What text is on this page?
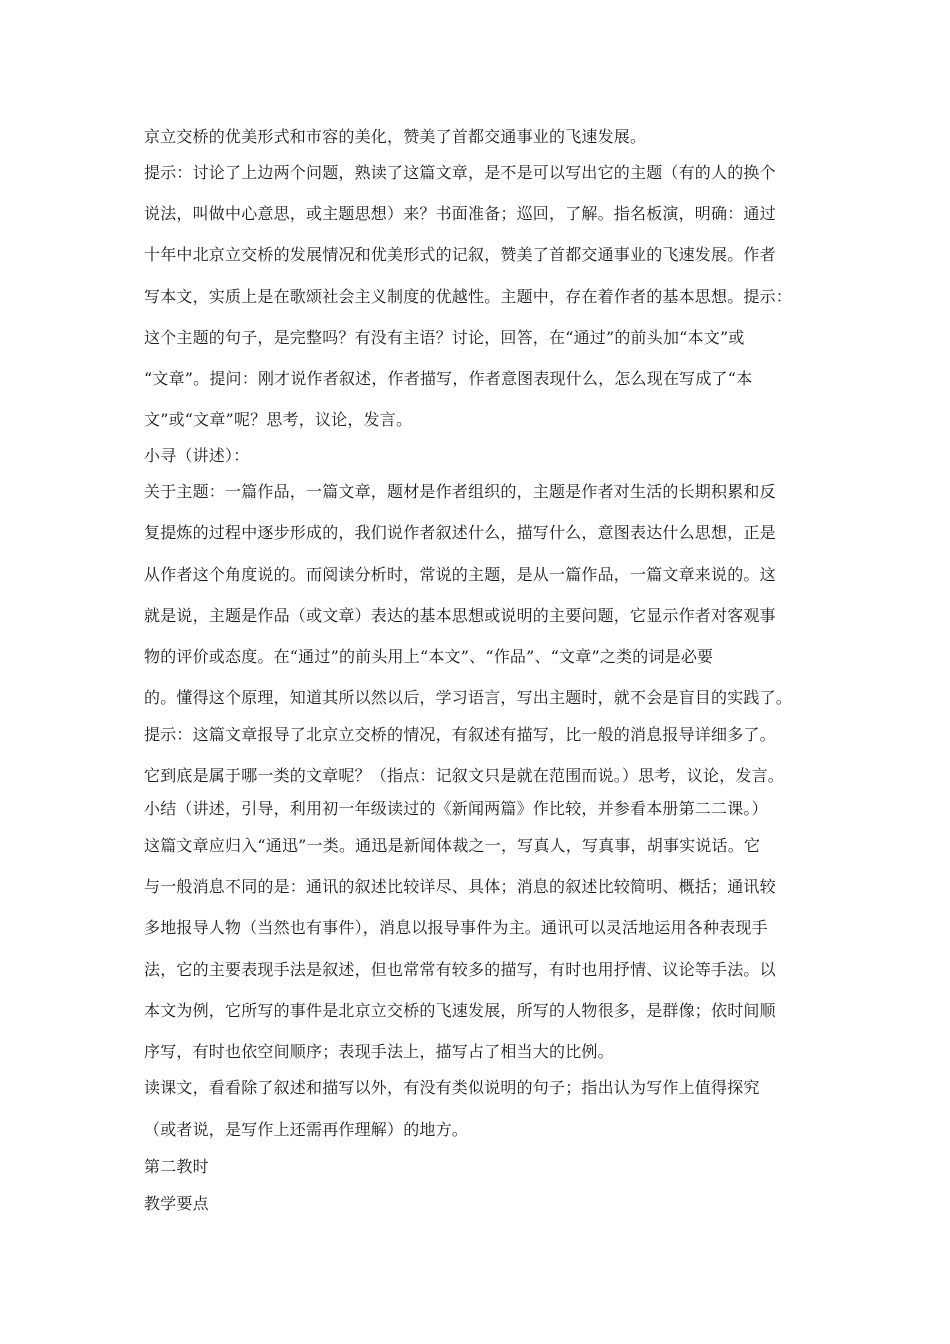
京立交桥的优美形式和市容的美化，赞美了首都交通事业的飞速发展。
提示：讨论了上边两个问题，熟读了这篇文章，是不是可以写出它的主题（有的人的换个
说法，叫做中心意思，或主题思想）来？书面准备；巡回，了解。指名板演，明确：通过
十年中北京立交桥的发展情况和优美形式的记叙，赞美了首都交通事业的飞速发展。作者
写本文，实质上是在歌颂社会主义制度的优越性。主题中，存在着作者的基本思想。提示：
这个主题的句子，是完整吗？有没有主语？讨论，回答，在“通过”的前头加“本文”或
“文章”。提问：刚才说作者叙述，作者描写，作者意图表现什么，怎么现在写成了“本
文”或“文章”呢？思考，议论，发言。
小寻（讲述）：
关于主题：一篇作品，一篇文章，题材是作者组织的，主题是作者对生活的长期积累和反
复提炼的过程中逐步形成的，我们说作者叙述什么，描写什么，意图表达什么思想，正是
从作者这个角度说的。而阅读分析时，常说的主题，是从一篇作品，一篇文章来说的。这
就是说，主题是作品（或文章）表达的基本思想或说明的主要问题，它显示作者对客观事
物的评价或态度。在“通过”的前头用上“本文”、“作品”、“文章”之类的词是必要
的。懂得这个原理，知道其所以然以后，学习语言，写出主题时，就不会是盲目的实践了。
提示：这篇文章报导了北京立交桥的情况，有叙述有描写，比一般的消息报导详细多了。
它到底是属于哪一类的文章呢？（指点：记叙文只是就在范围而说。）思考，议论，发言。
小结（讲述，引导，利用初一年级读过的《新闻两篇》作比较，并参看本册第二二课。）
这篇文章应归入“通迅”一类。通迅是新闻体裁之一，写真人，写真事，胡事实说话。它
与一般消息不同的是：通讯的叙述比较详尽、具体；消息的叙述比较简明、概括；通讯较
多地报导人物（当然也有事件），消息以报导事件为主。通讯可以灵活地运用各种表现手
法，它的主要表现手法是叙述，但也常常有较多的描写，有时也用抒情、议论等手法。以
本文为例，它所写的事件是北京立交桥的飞速发展，所写的人物很多，是群像；依时间顺
序写，有时也依空间顺序；表现手法上，描写占了相当大的比例。
读课文，看看除了叙述和描写以外，有没有类似说明的句子；指出认为写作上值得探究
（或者说，是写作上还需再作理解）的地方。
第二教时
教学要点
